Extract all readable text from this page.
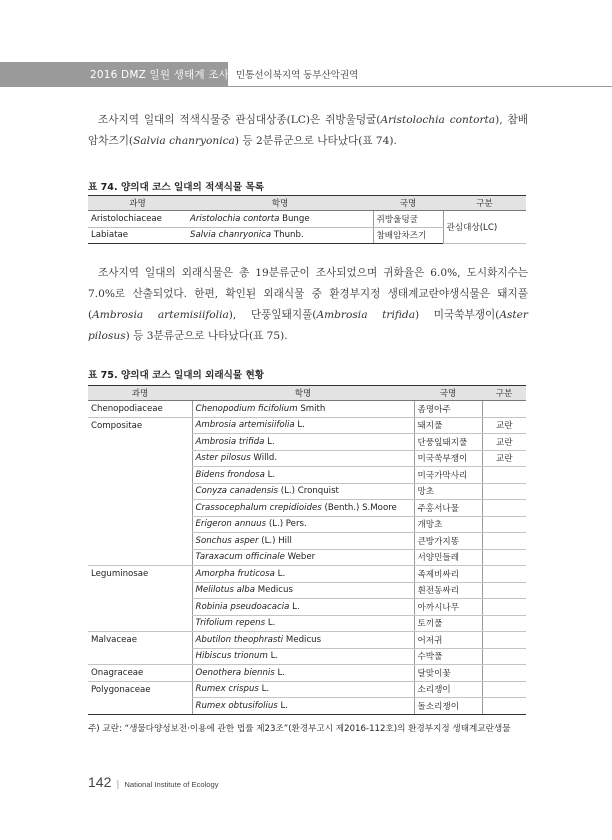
2016 DMZ 일원 생태계 조사 민통선이북지역 동부산악권역

조사지역 일대의 적색식물중 관심대상종(LC)은 쥐방울덩굴(Aristolochia contorta), 참배암차즈기(Salvia chanryonica) 등 2분류군으로 나타났다(표 74).

표 74. 양의대 코스 일대의 적색식물 목록
과명	학명	국명	구분
Aristolochiaceae	Aristolochia contorta Bunge	쥐방울덩굴	관심대상(LC)
Labiatae	Salvia chanryonica Thunb.	참배암차즈기	

조사지역 일대의 외래식물은 총 19분류군이 조사되었으며 귀화율은 6.0%, 도시화지수는 7.0%로 산출되었다. 한편, 확인된 외래식물 중 환경부지정 생태계교란야생식물은 돼지풀(Ambrosia artemisiifolia), 단풍잎돼지풀(Ambrosia trifida) 미국쑥부쟁이(Aster pilosus) 등 3분류군으로 나타났다(표 75).

표 75. 양의대 코스 일대의 외래식물 현황
과명	학명	국명	구분
Chenopodiaceae	Chenopodium ficifolium Smith	좀명아주	
Compositae	Ambrosia artemisiifolia L.	돼지풀	교란
	Ambrosia trifida L.	단풍잎돼지풀	교란
	Aster pilosus Willd.	미국쑥부쟁이	교란
	Bidens frondosa L.	미국가막사리	
	Conyza canadensis (L.) Cronquist	망초	
	Crassocephalum crepidioides (Benth.) S.Moore	주홍서나물	
	Erigeron annuus (L.) Pers.	개망초	
	Sonchus asper (L.) Hill	큰방가지똥	
	Taraxacum officinale Weber	서양민들레	
Leguminosae	Amorpha fruticosa L.	족제비싸리	
	Melilotus alba Medicus	흰전동싸리	
	Robinia pseudoacacia L.	아까시나무	
	Trifolium repens L.	토끼풀	
Malvaceae	Abutilon theophrasti Medicus	어저귀	
	Hibiscus trionum L.	수박풀	
Onagraceae	Oenothera biennis L.	달맞이꽃	
Polygonaceae	Rumex crispus L.	소리쟁이	
	Rumex obtusifolius L.	돌소리쟁이	
주) 교란: “생물다양성보전·이용에 관한 법률 제23조”(환경부고시 제2016-112호)의 환경부지정 생태계교란생물
142 | National Institute of Ecology
